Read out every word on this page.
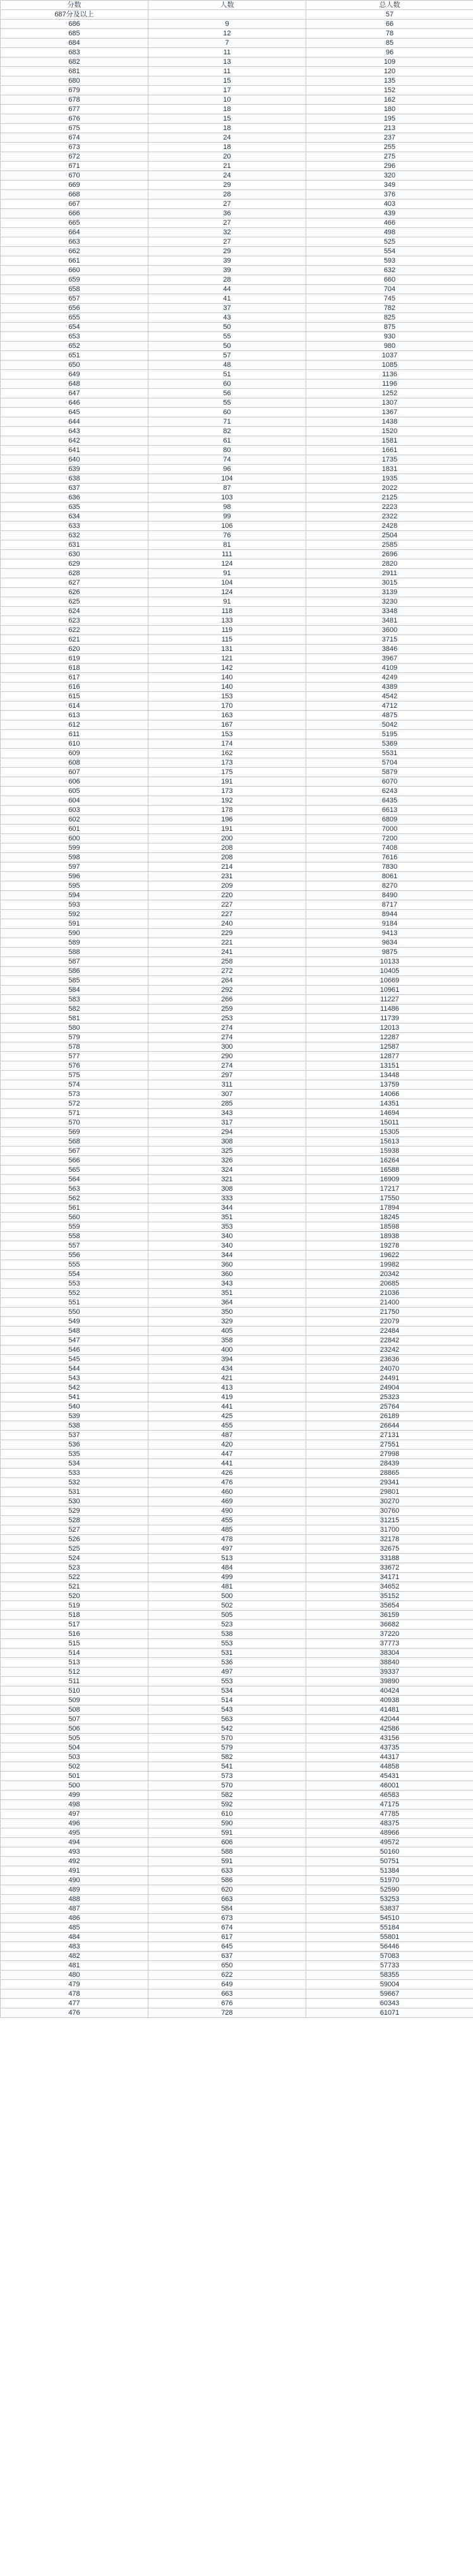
分数	人数	总人数
687分及以上		57
686	9	66
685	12	78
684	7	85
683	11	96
682	13	109
681	11	120
680	15	135
679	17	152
678	10	162
677	18	180
676	15	195
675	18	213
674	24	237
673	18	255
672	20	275
671	21	296
670	24	320
669	29	349
668	28	376
667	27	403
666	36	439
665	27	466
664	32	498
663	27	525
662	29	554
661	39	593
660	39	632
659	28	660
658	44	704
657	41	745
656	37	782
655	43	825
654	50	875
653	55	930
652	50	980
651	57	1037
650	48	1085
649	51	1136
648	60	1196
647	56	1252
646	55	1307
645	60	1367
644	71	1438
643	82	1520
642	61	1581
641	80	1661
640	74	1735
639	96	1831
638	104	1935
637	87	2022
636	103	2125
635	98	2223
634	99	2322
633	106	2428
632	76	2504
631	81	2585
630	111	2696
629	124	2820
628	91	2911
627	104	3015
626	124	3139
625	91	3230
624	118	3348
623	133	3481
622	119	3600
621	115	3715
620	131	3846
619	121	3967
618	142	4109
617	140	4249
616	140	4389
615	153	4542
614	170	4712
613	163	4875
612	167	5042
611	153	5195
610	174	5369
609	162	5531
608	173	5704
607	175	5879
606	191	6070
605	173	6243
604	192	6435
603	178	6613
602	196	6809
601	191	7000
600	200	7200
599	208	7408
598	208	7616
597	214	7830
596	231	8061
595	209	8270
594	220	8490
593	227	8717
592	227	8944
591	240	9184
590	229	9413
589	221	9634
588	241	9875
587	258	10133
586	272	10405
585	264	10669
584	292	10961
583	266	11227
582	259	11486
581	253	11739
580	274	12013
579	274	12287
578	300	12587
577	290	12877
576	274	13151
575	297	13448
574	311	13759
573	307	14066
572	285	14351
571	343	14694
570	317	15011
569	294	15305
568	308	15613
567	325	15938
566	326	16264
565	324	16588
564	321	16909
563	308	17217
562	333	17550
561	344	17894
560	351	18245
559	353	18598
558	340	18938
557	340	19278
556	344	19622
555	360	19982
554	360	20342
553	343	20685
552	351	21036
551	364	21400
550	350	21750
549	329	22079
548	405	22484
547	358	22842
546	400	23242
545	394	23636
544	434	24070
543	421	24491
542	413	24904
541	419	25323
540	441	25764
539	425	26189
538	455	26644
537	487	27131
536	420	27551
535	447	27998
534	441	28439
533	426	28865
532	476	29341
531	460	29801
530	469	30270
529	490	30760
528	455	31215
527	485	31700
526	478	32178
525	497	32675
524	513	33188
523	484	33672
522	499	34171
521	481	34652
520	500	35152
519	502	35654
518	505	36159
517	523	36682
516	538	37220
515	553	37773
514	531	38304
513	536	38840
512	497	39337
511	553	39890
510	534	40424
509	514	40938
508	543	41481
507	563	42044
506	542	42586
505	570	43156
504	579	43735
503	582	44317
502	541	44858
501	573	45431
500	570	46001
499	582	46583
498	592	47175
497	610	47785
496	590	48375
495	591	48966
494	606	49572
493	588	50160
492	591	50751
491	633	51384
490	586	51970
489	620	52590
488	663	53253
487	584	53837
486	673	54510
485	674	55184
484	617	55801
483	645	56446
482	637	57083
481	650	57733
480	622	58355
479	649	59004
478	663	59667
477	676	60343
476	728	61071
